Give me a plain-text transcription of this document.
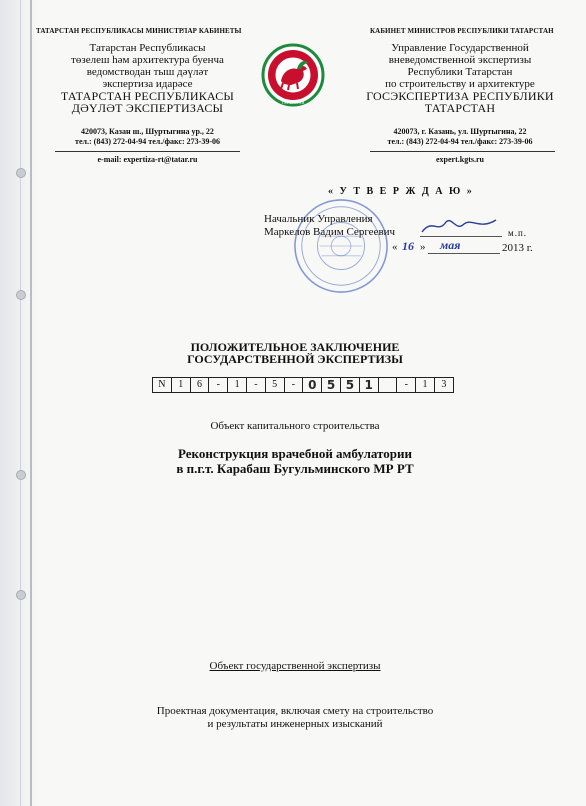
ТАТАРСТАН РЕСПУБЛИКАСЫ МИНИСТРЛАР КАБИНЕТЫ	КАБИНЕТ МИНИСТРОВ РЕСПУБЛИКИ ТАТАРСТАН
Татарстан Республикасы
төзелеш һәм архитектура буенча
ведомстводан тыш дәүләт
экспертиза идарәсе
ТАТАРСТАН РЕСПУБЛИКАСЫ
ДӘҮЛӘТ ЭКСПЕРТИЗАСЫ	ТАТАРСТАН
Управление Государственной
вневедомственной экспертизы
Республики Татарстан
по строительству и архитектуре
ГОСЭКСПЕРТИЗА РЕСПУБЛИКИ
ТАТАРСТАН
420073, Казан ш., Шуртыгина ур., 22
тел.: (843) 272-04-94 тел./факс: 273-39-06
e-mail: expertiza-rt@tatar.ru
420073, г. Казань, ул. Шуртыгина, 22
тел.: (843) 272-04-94 тел./факс: 273-39-06
expert.kgts.ru
« У Т В Е Р Ж Д А Ю »
Начальник Управления
Маркелов Вадим Сергеевич	м.п.
« 16 » мая	2013 г.
ПОЛОЖИТЕЛЬНОЕ ЗАКЛЮЧЕНИЕ
ГОСУДАРСТВЕННОЙ ЭКСПЕРТИЗЫ
N	1	6	-	1	-	5	-	0 5 5 1	-	1	3
Объект капитального строительства
Реконструкция врачебной амбулатории
в п.г.т. Карабаш Бугульминского МР РТ
Объект государственной экспертизы
Проектная документация, включая смету на строительство
и результаты инженерных изысканий
